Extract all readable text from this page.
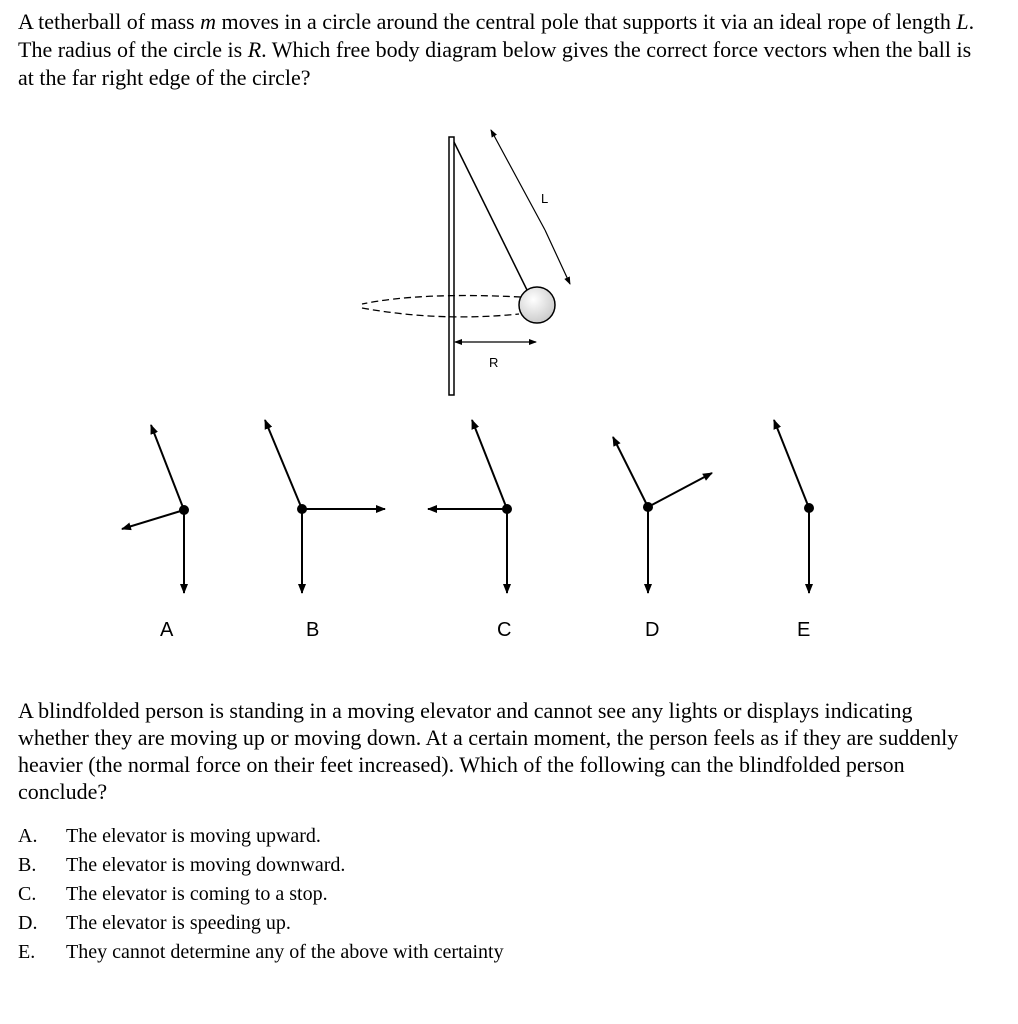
A tetherball of mass m moves in a circle around the central pole that supports it via an ideal rope of length L. The radius of the circle is R. Which free body diagram below gives the correct force vectors when the ball is at the far right edge of the circle?
L
R
A	B	C	D	E
A blindfolded person is standing in a moving elevator and cannot see any lights or displays indicating whether they are moving up or moving down. At a certain moment, the person feels as if they are suddenly heavier (the normal force on their feet increased). Which of the following can the blindfolded person conclude?
A.	The elevator is moving upward.
B.	The elevator is moving downward.
C.	The elevator is coming to a stop.
D.	The elevator is speeding up.
E.	They cannot determine any of the above with certainty
